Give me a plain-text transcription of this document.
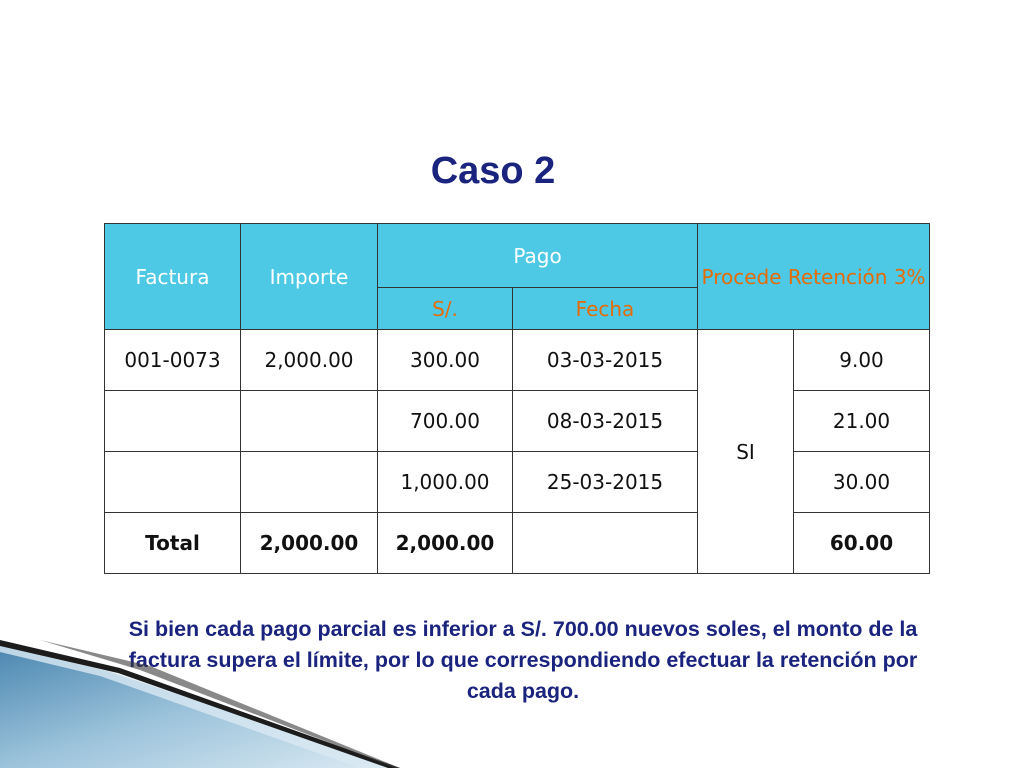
Caso 2
Factura	Importe	Pago		Procede Retención 3%	
		S/.	Fecha		
001-0073	2,000.00	300.00	03-03-2015	SI	9.00
		700.00	08-03-2015		21.00
		1,000.00	25-03-2015		30.00
Total	2,000.00	2,000.00			60.00

Si bien cada pago parcial es inferior a S/. 700.00 nuevos soles, el monto de la factura supera el límite, por lo que correspondiendo efectuar la retención por cada pago.
